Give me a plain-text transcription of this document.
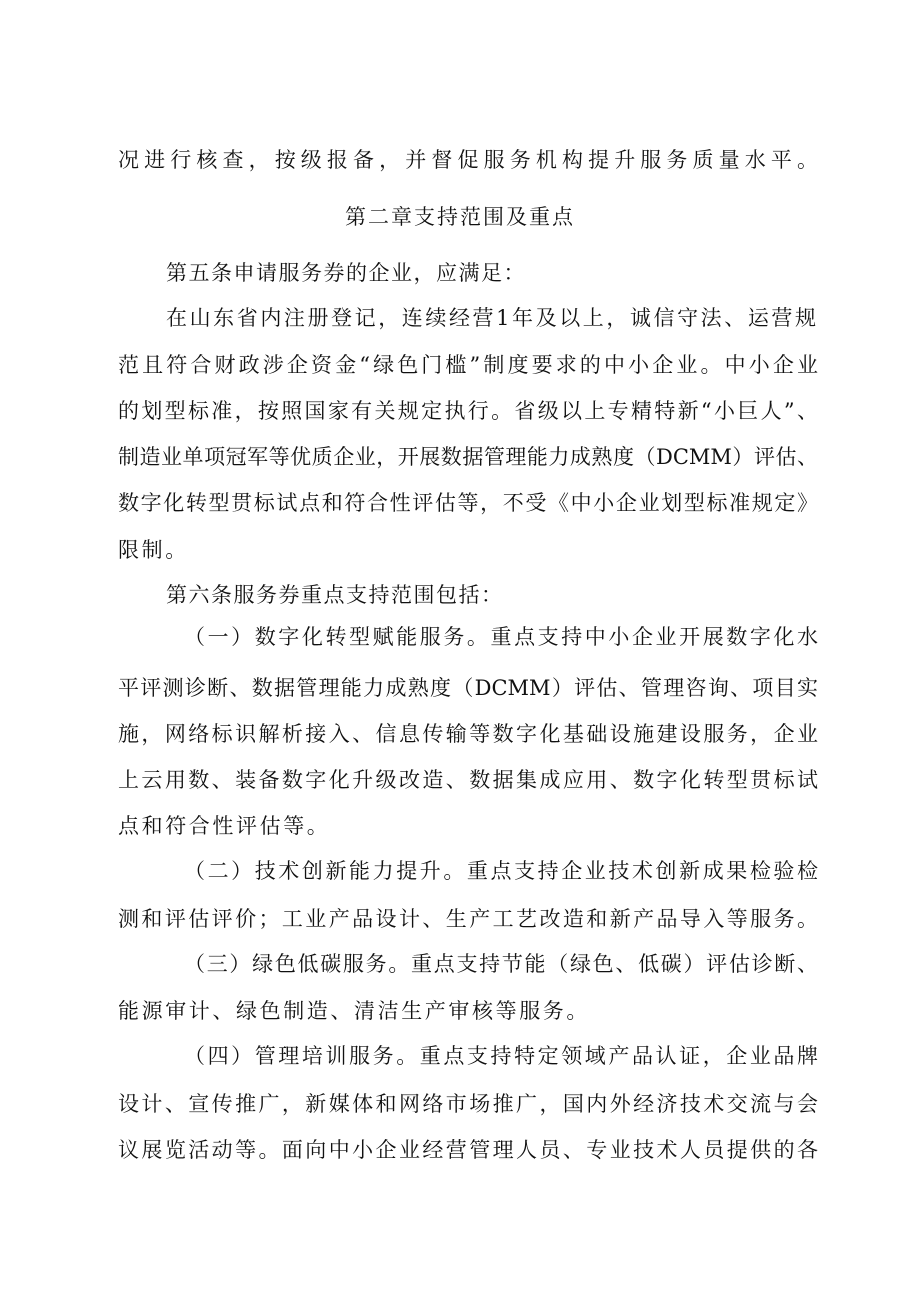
况进行核查，按级报备，并督促服务机构提升服务质量水平。
第二章支持范围及重点
第五条申请服务券的企业，应满足：
在山东省内注册登记，连续经营1年及以上，诚信守法、运营规
范且符合财政涉企资金“绿色门槛”制度要求的中小企业。中小企业
的划型标准，按照国家有关规定执行。省级以上专精特新“小巨人”、
制造业单项冠军等优质企业，开展数据管理能力成熟度（DCMM）评估、
数字化转型贯标试点和符合性评估等，不受《中小企业划型标准规定》
限制。
第六条服务券重点支持范围包括：
（一）数字化转型赋能服务。重点支持中小企业开展数字化水
平评测诊断、数据管理能力成熟度（DCMM）评估、管理咨询、项目实
施，网络标识解析接入、信息传输等数字化基础设施建设服务，企业
上云用数、装备数字化升级改造、数据集成应用、数字化转型贯标试
点和符合性评估等。
（二）技术创新能力提升。重点支持企业技术创新成果检验检
测和评估评价；工业产品设计、生产工艺改造和新产品导入等服务。
（三）绿色低碳服务。重点支持节能（绿色、低碳）评估诊断、
能源审计、绿色制造、清洁生产审核等服务。
（四）管理培训服务。重点支持特定领域产品认证，企业品牌
设计、宣传推广，新媒体和网络市场推广，国内外经济技术交流与会
议展览活动等。面向中小企业经营管理人员、专业技术人员提供的各
